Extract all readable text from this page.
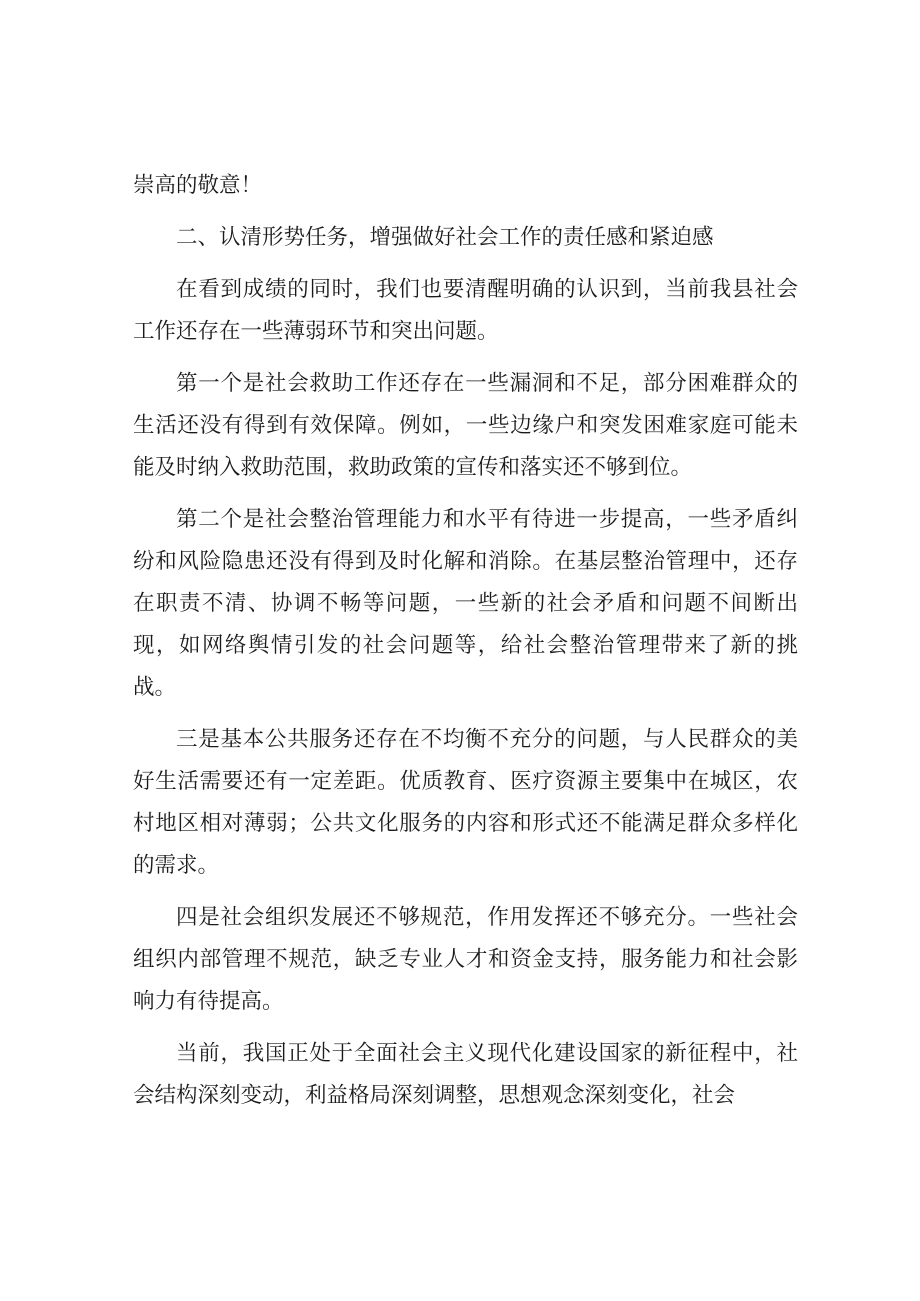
崇高的敬意！

二、认清形势任务，增强做好社会工作的责任感和紧迫感

在看到成绩的同时，我们也要清醒明确的认识到，当前我县社会工作还存在一些薄弱环节和突出问题。

第一个是社会救助工作还存在一些漏洞和不足，部分困难群众的生活还没有得到有效保障。例如，一些边缘户和突发困难家庭可能未能及时纳入救助范围，救助政策的宣传和落实还不够到位。

第二个是社会整治管理能力和水平有待进一步提高，一些矛盾纠纷和风险隐患还没有得到及时化解和消除。在基层整治管理中，还存在职责不清、协调不畅等问题，一些新的社会矛盾和问题不间断出现，如网络舆情引发的社会问题等，给社会整治管理带来了新的挑战。

三是基本公共服务还存在不均衡不充分的问题，与人民群众的美好生活需要还有一定差距。优质教育、医疗资源主要集中在城区，农村地区相对薄弱；公共文化服务的内容和形式还不能满足群众多样化的需求。

四是社会组织发展还不够规范，作用发挥还不够充分。一些社会组织内部管理不规范，缺乏专业人才和资金支持，服务能力和社会影响力有待提高。

当前，我国正处于全面社会主义现代化建设国家的新征程中，社会结构深刻变动，利益格局深刻调整，思想观念深刻变化，社会
